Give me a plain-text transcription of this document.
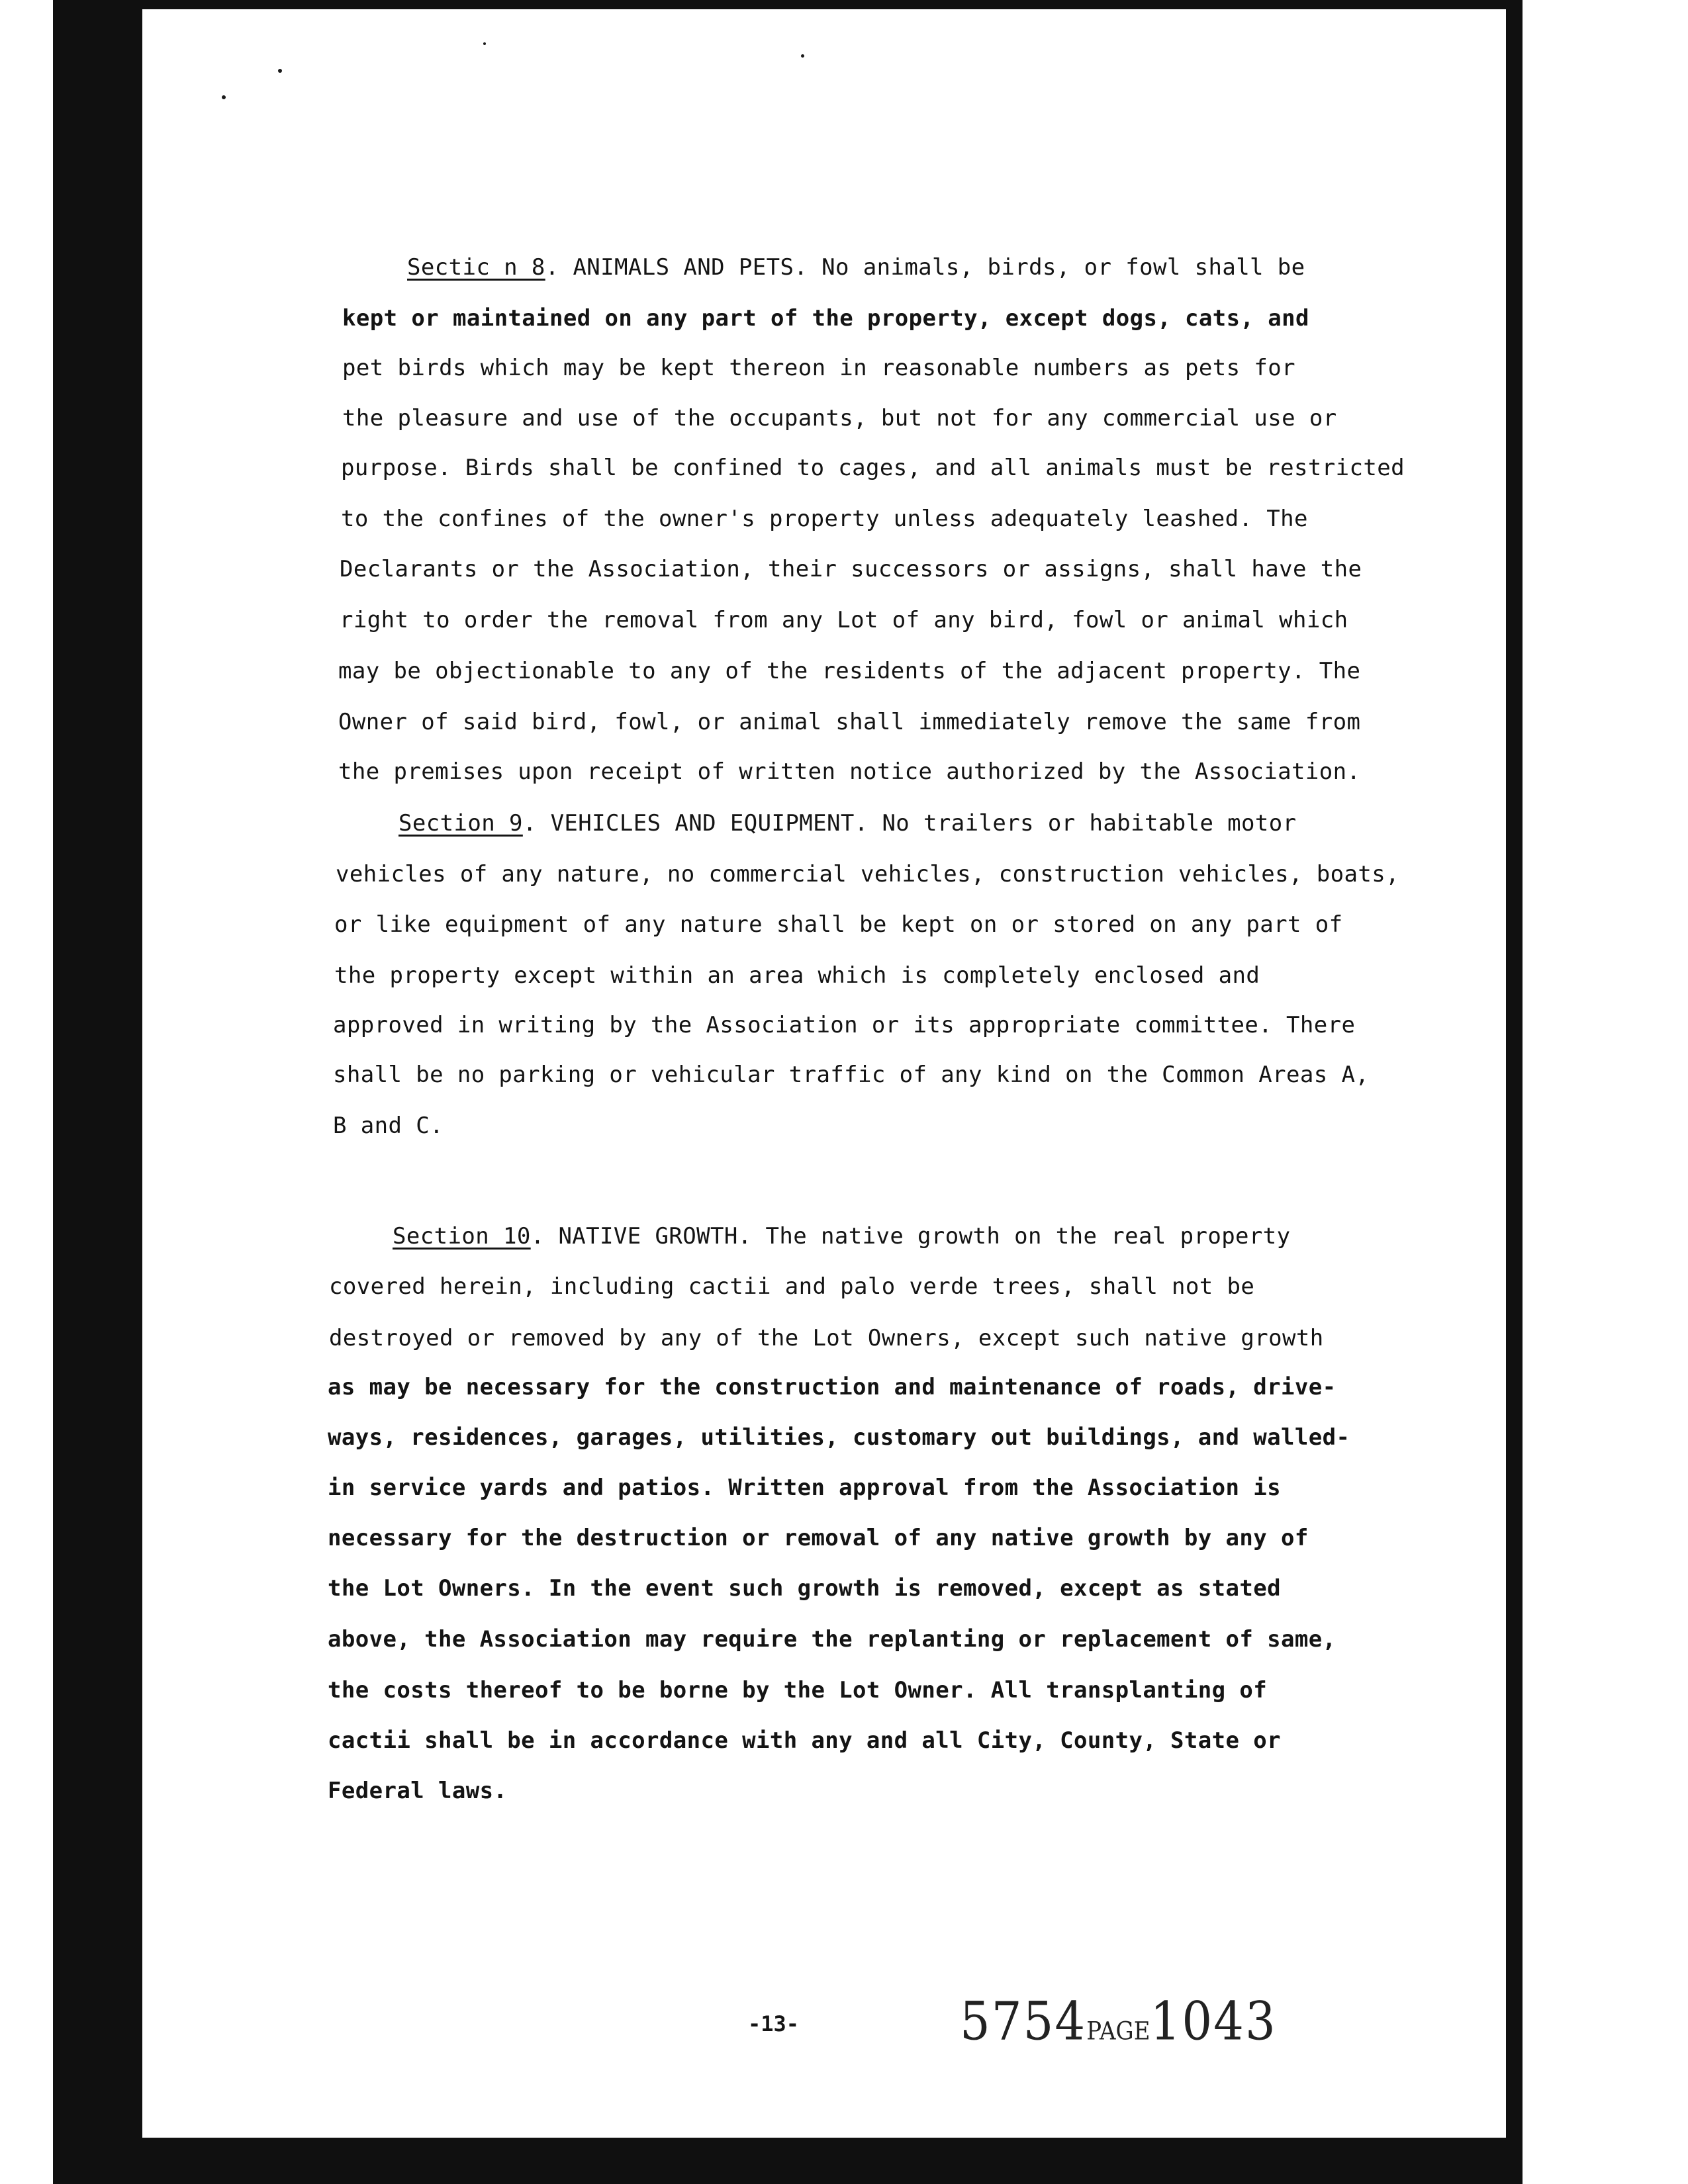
Sectic n 8. ANIMALS AND PETS. No animals, birds, or fowl shall be
kept or maintained on any part of the property, except dogs, cats, and
pet birds which may be kept thereon in reasonable numbers as pets for
the pleasure and use of the occupants, but not for any commercial use or
purpose. Birds shall be confined to cages, and all animals must be restricted
to the confines of the owner's property unless adequately leashed. The
Declarants or the Association, their successors or assigns, shall have the
right to order the removal from any Lot of any bird, fowl or animal which
may be objectionable to any of the residents of the adjacent property. The
Owner of said bird, fowl, or animal shall immediately remove the same from
the premises upon receipt of written notice authorized by the Association.
Section 9. VEHICLES AND EQUIPMENT. No trailers or habitable motor
vehicles of any nature, no commercial vehicles, construction vehicles, boats,
or like equipment of any nature shall be kept on or stored on any part of
the property except within an area which is completely enclosed and
approved in writing by the Association or its appropriate committee. There
shall be no parking or vehicular traffic of any kind on the Common Areas A,
B and C.
Section 10. NATIVE GROWTH. The native growth on the real property
covered herein, including cactii and palo verde trees, shall not be
destroyed or removed by any of the Lot Owners, except such native growth
as may be necessary for the construction and maintenance of roads, drive-
ways, residences, garages, utilities, customary out buildings, and walled-
in service yards and patios. Written approval from the Association is
necessary for the destruction or removal of any native growth by any of
the Lot Owners. In the event such growth is removed, except as stated
above, the Association may require the replanting or replacement of same,
the costs thereof to be borne by the Lot Owner. All transplanting of
cactii shall be in accordance with any and all City, County, State or
Federal laws.
-13-	5754PAGE1043
